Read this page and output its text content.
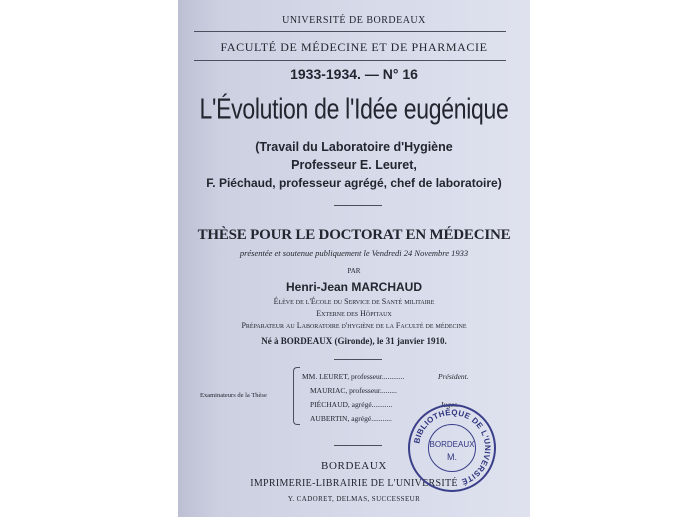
UNIVERSITÉ DE BORDEAUX
FACULTÉ DE MÉDECINE ET DE PHARMACIE
1933-1934. — N° 16
L'Évolution de l'Idée eugénique
(Travail du Laboratoire d'Hygiène
Professeur E. Leuret,
F. Piéchaud, professeur agrégé, chef de laboratoire)
THÈSE POUR LE DOCTORAT EN MÉDECINE
présentée et soutenue publiquement le Vendredi 24 Novembre 1933
PAR
Henri-Jean MARCHAUD
Élève de l'École du Service de Santé militaire
Externe des Hôpitaux
Préparateur au Laboratoire d'hygiène de la Faculté de médecine
Né à BORDEAUX (Gironde), le 31 janvier 1910.
Examinateurs de la Thèse
MM. LEURET, professeur............	Président.
MAURIAC, professeur.........
PIÉCHAUD, agrégé...........	Juges.
AUBERTIN, agrégé...........
BORDEAUX
IMPRIMERIE-LIBRAIRIE DE L'UNIVERSITÉ
Y. CADORET, DELMAS, SUCCESSEUR
BIBLIOTHÈQUE DE L'UNIVERSITÉ
BORDEAUX
M.
